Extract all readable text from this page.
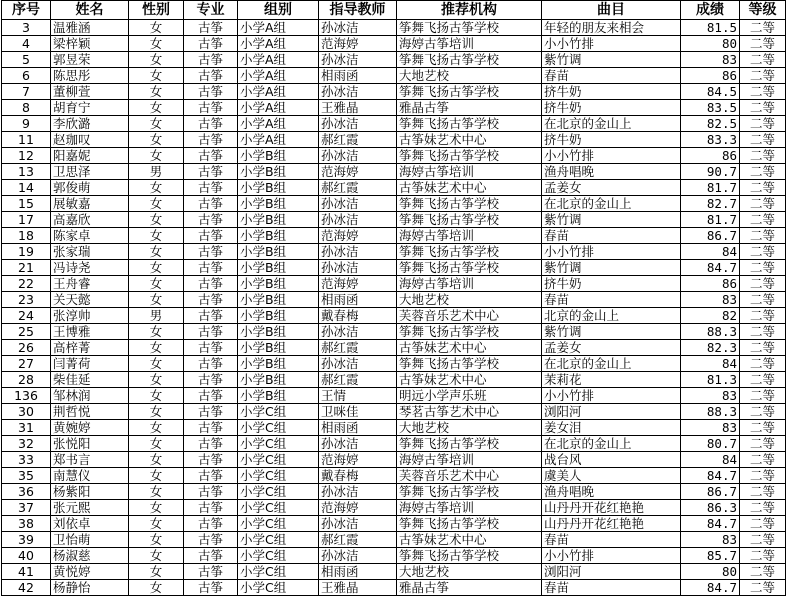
序号	姓名	性别	专业	组别	指导教师	推荐机构	曲目	成绩	等级
3	温雅涵	女	古筝	小学A组	孙冰洁	筝舞飞扬古筝学校	年轻的朋友来相会	81.5	二等
4	梁梓颖	女	古筝	小学A组	范海婷	海婷古筝培训	小小竹排	80	二等
5	郭昱荣	女	古筝	小学A组	孙冰洁	筝舞飞扬古筝学校	紫竹调	83	二等
6	陈思彤	女	古筝	小学A组	相雨函	大地艺校	春苗	86	二等
7	董柳萱	女	古筝	小学A组	孙冰洁	筝舞飞扬古筝学校	挤牛奶	84.5	二等
8	胡育宁	女	古筝	小学A组	王雅晶	雅晶古筝	挤牛奶	83.5	二等
9	李欣潞	女	古筝	小学A组	孙冰洁	筝舞飞扬古筝学校	在北京的金山上	82.5	二等
11	赵珈叹	女	古筝	小学A组	郝红霞	古筝妹艺术中心	挤牛奶	83.3	二等
12	阳嘉妮	女	古筝	小学B组	孙冰洁	筝舞飞扬古筝学校	小小竹排	86	二等
13	卫思泽	男	古筝	小学B组	范海婷	海婷古筝培训	渔舟唱晚	90.7	二等
14	郭俊萌	女	古筝	小学B组	郝红霞	古筝妹艺术中心	孟姜女	81.7	二等
15	展敏嘉	女	古筝	小学B组	孙冰洁	筝舞飞扬古筝学校	在北京的金山上	82.7	二等
17	高嘉欣	女	古筝	小学B组	孙冰洁	筝舞飞扬古筝学校	紫竹调	81.7	二等
18	陈家卓	女	古筝	小学B组	范海婷	海婷古筝培训	春苗	86.7	二等
19	张家瑞	女	古筝	小学B组	孙冰洁	筝舞飞扬古筝学校	小小竹排	84	二等
21	冯诗尧	女	古筝	小学B组	孙冰洁	筝舞飞扬古筝学校	紫竹调	84.7	二等
22	王舟睿	女	古筝	小学B组	范海婷	海婷古筝培训	挤牛奶	86	二等
23	关天懿	女	古筝	小学B组	相雨函	大地艺校	春苗	83	二等
24	张淳帅	男	古筝	小学B组	戴春梅	芙蓉音乐艺术中心	北京的金山上	82	二等
25	王博雅	女	古筝	小学B组	孙冰洁	筝舞飞扬古筝学校	紫竹调	88.3	二等
26	高梓菁	女	古筝	小学B组	郝红霞	古筝妹艺术中心	孟姜女	82.3	二等
27	闫菁荷	女	古筝	小学B组	孙冰洁	筝舞飞扬古筝学校	在北京的金山上	84	二等
28	柴佳延	女	古筝	小学B组	郝红霞	古筝妹艺术中心	茉莉花	81.3	二等
136	邹林润	女	古筝	小学B组	王情	明远小学声乐班	小小竹排	83	二等
30	荆哲悦	女	古筝	小学C组	卫咪佳	琴茗古筝艺术中心	浏阳河	88.3	二等
31	黄婉婷	女	古筝	小学C组	相雨函	大地艺校	姜女泪	83	二等
32	张悦阳	女	古筝	小学C组	孙冰洁	筝舞飞扬古筝学校	在北京的金山上	80.7	二等
33	郑书言	女	古筝	小学C组	范海婷	海婷古筝培训	战台风	84	二等
35	南慧仪	女	古筝	小学C组	戴春梅	芙蓉音乐艺术中心	虞美人	84.7	二等
36	杨紫阳	女	古筝	小学C组	孙冰洁	筝舞飞扬古筝学校	渔舟唱晚	86.7	二等
37	张元熙	女	古筝	小学C组	范海婷	海婷古筝培训	山丹丹开花红艳艳	86.3	二等
38	刘依卓	女	古筝	小学C组	孙冰洁	筝舞飞扬古筝学校	山丹丹开花红艳艳	84.7	二等
39	卫怡萌	女	古筝	小学C组	郝红霞	古筝妹艺术中心	春苗	83	二等
40	杨淑慈	女	古筝	小学C组	孙冰洁	筝舞飞扬古筝学校	小小竹排	85.7	二等
41	黄悦婷	女	古筝	小学C组	相雨函	大地艺校	浏阳河	80	二等
42	杨静怡	女	古筝	小学C组	王雅晶	雅晶古筝	春苗	84.7	二等
